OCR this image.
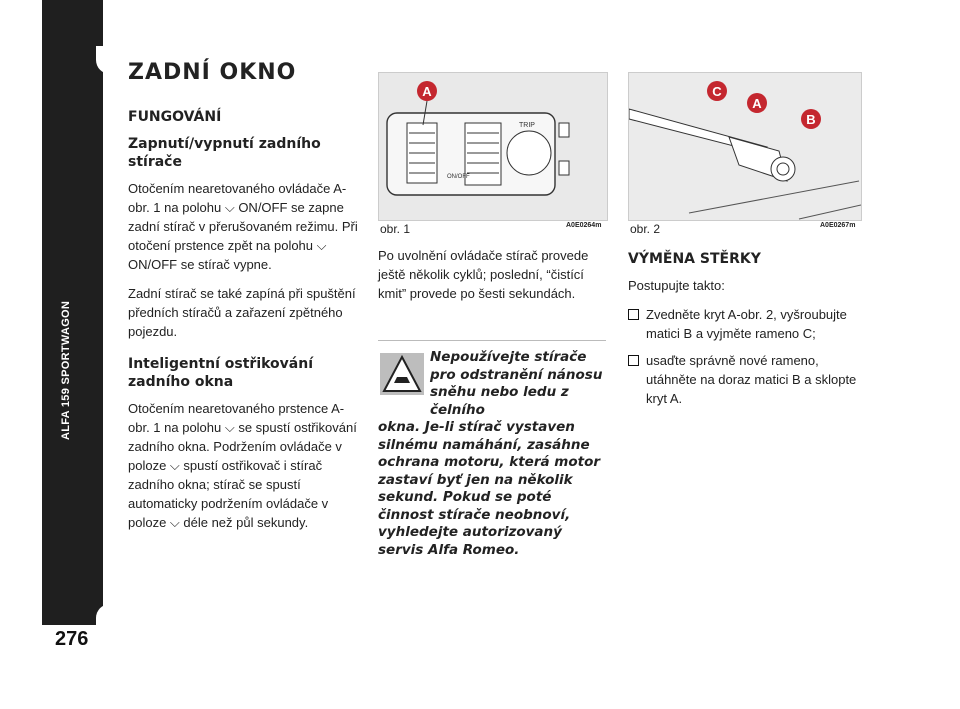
ALFA 159 SPORTWAGON
276
ZADNÍ OKNO
FUNGOVÁNÍ
Zapnutí/vypnutí zadního stírače

Otočením nearetovaného ovládače A-obr. 1 na polohu ⌵ ON/OFF se zapne zadní stírač v přerušovaném režimu. Při otočení prstence zpět na polohu ⌵ ON/OFF se stírač vypne.

Zadní stírač se také zapíná při spuštění předních stíračů a zařazení zpětného pojezdu.

Inteligentní ostřikování zadního okna

Otočením nearetovaného prstence A-obr. 1 na polohu ⌵ se spustí ostřikování zadního okna. Podržením ovládače v poloze ⌵ spustí ostřikovač i stírač zadního okna; stírač se spustí automaticky podržením ovládače v poloze ⌵ déle než půl sekundy.

A
TRIP
ON/OFF
obr. 1	A0E0264m
C
A
B
obr. 2	A0E0267m

Po uvolnění ovládače stírač provede ještě několik cyklů; poslední, “čistící kmit” provede po šesti sekundách.

Nepoužívejte stírače pro odstranění nánosu sněhu nebo ledu z čelního

okna. Je-li stírač vystaven silnému namáhání, zasáhne ochrana motoru, která motor zastaví byť jen na několik sekund. Pokud se poté činnost stírače neobnoví, vyhledejte autorizovaný servis Alfa Romeo.

VÝMĚNA STĚRKY

Postupujte takto:

Zvedněte kryt A-obr. 2, vyšroubujte matici B a vyjměte rameno C;
usaďte správně nové rameno, utáhněte na doraz matici B a sklopte kryt A.
